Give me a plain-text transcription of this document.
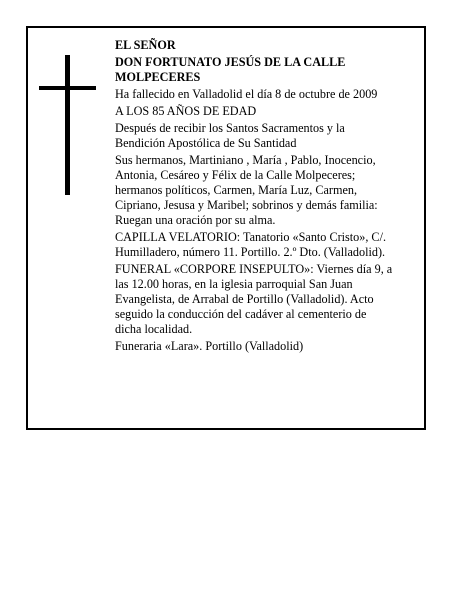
EL SEÑOR
DON FORTUNATO JESÚS DE LA CALLE
MOLPECERES
Ha fallecido en Valladolid el día 8 de octubre de 2009
A LOS 85 AÑOS DE EDAD
Después de recibir los Santos Sacramentos y la
Bendición Apostólica de Su Santidad
Sus hermanos, Martiniano , María , Pablo, Inocencio,
Antonia, Cesáreo y Félix de la Calle Molpeceres;
hermanos políticos, Carmen, María Luz, Carmen,
Cipriano, Jesusa y Maribel; sobrinos y demás familia:
Ruegan una oración por su alma.
CAPILLA VELATORIO: Tanatorio «Santo Cristo», C/.
Humilladero, número 11. Portillo. 2.º Dto. (Valladolid).
FUNERAL «CORPORE INSEPULTO»: Viernes día 9, a
las 12.00 horas, en la iglesia parroquial San Juan
Evangelista, de Arrabal de Portillo (Valladolid). Acto
seguido la conducción del cadáver al cementerio de
dicha localidad.
Funeraria «Lara». Portillo (Valladolid)
